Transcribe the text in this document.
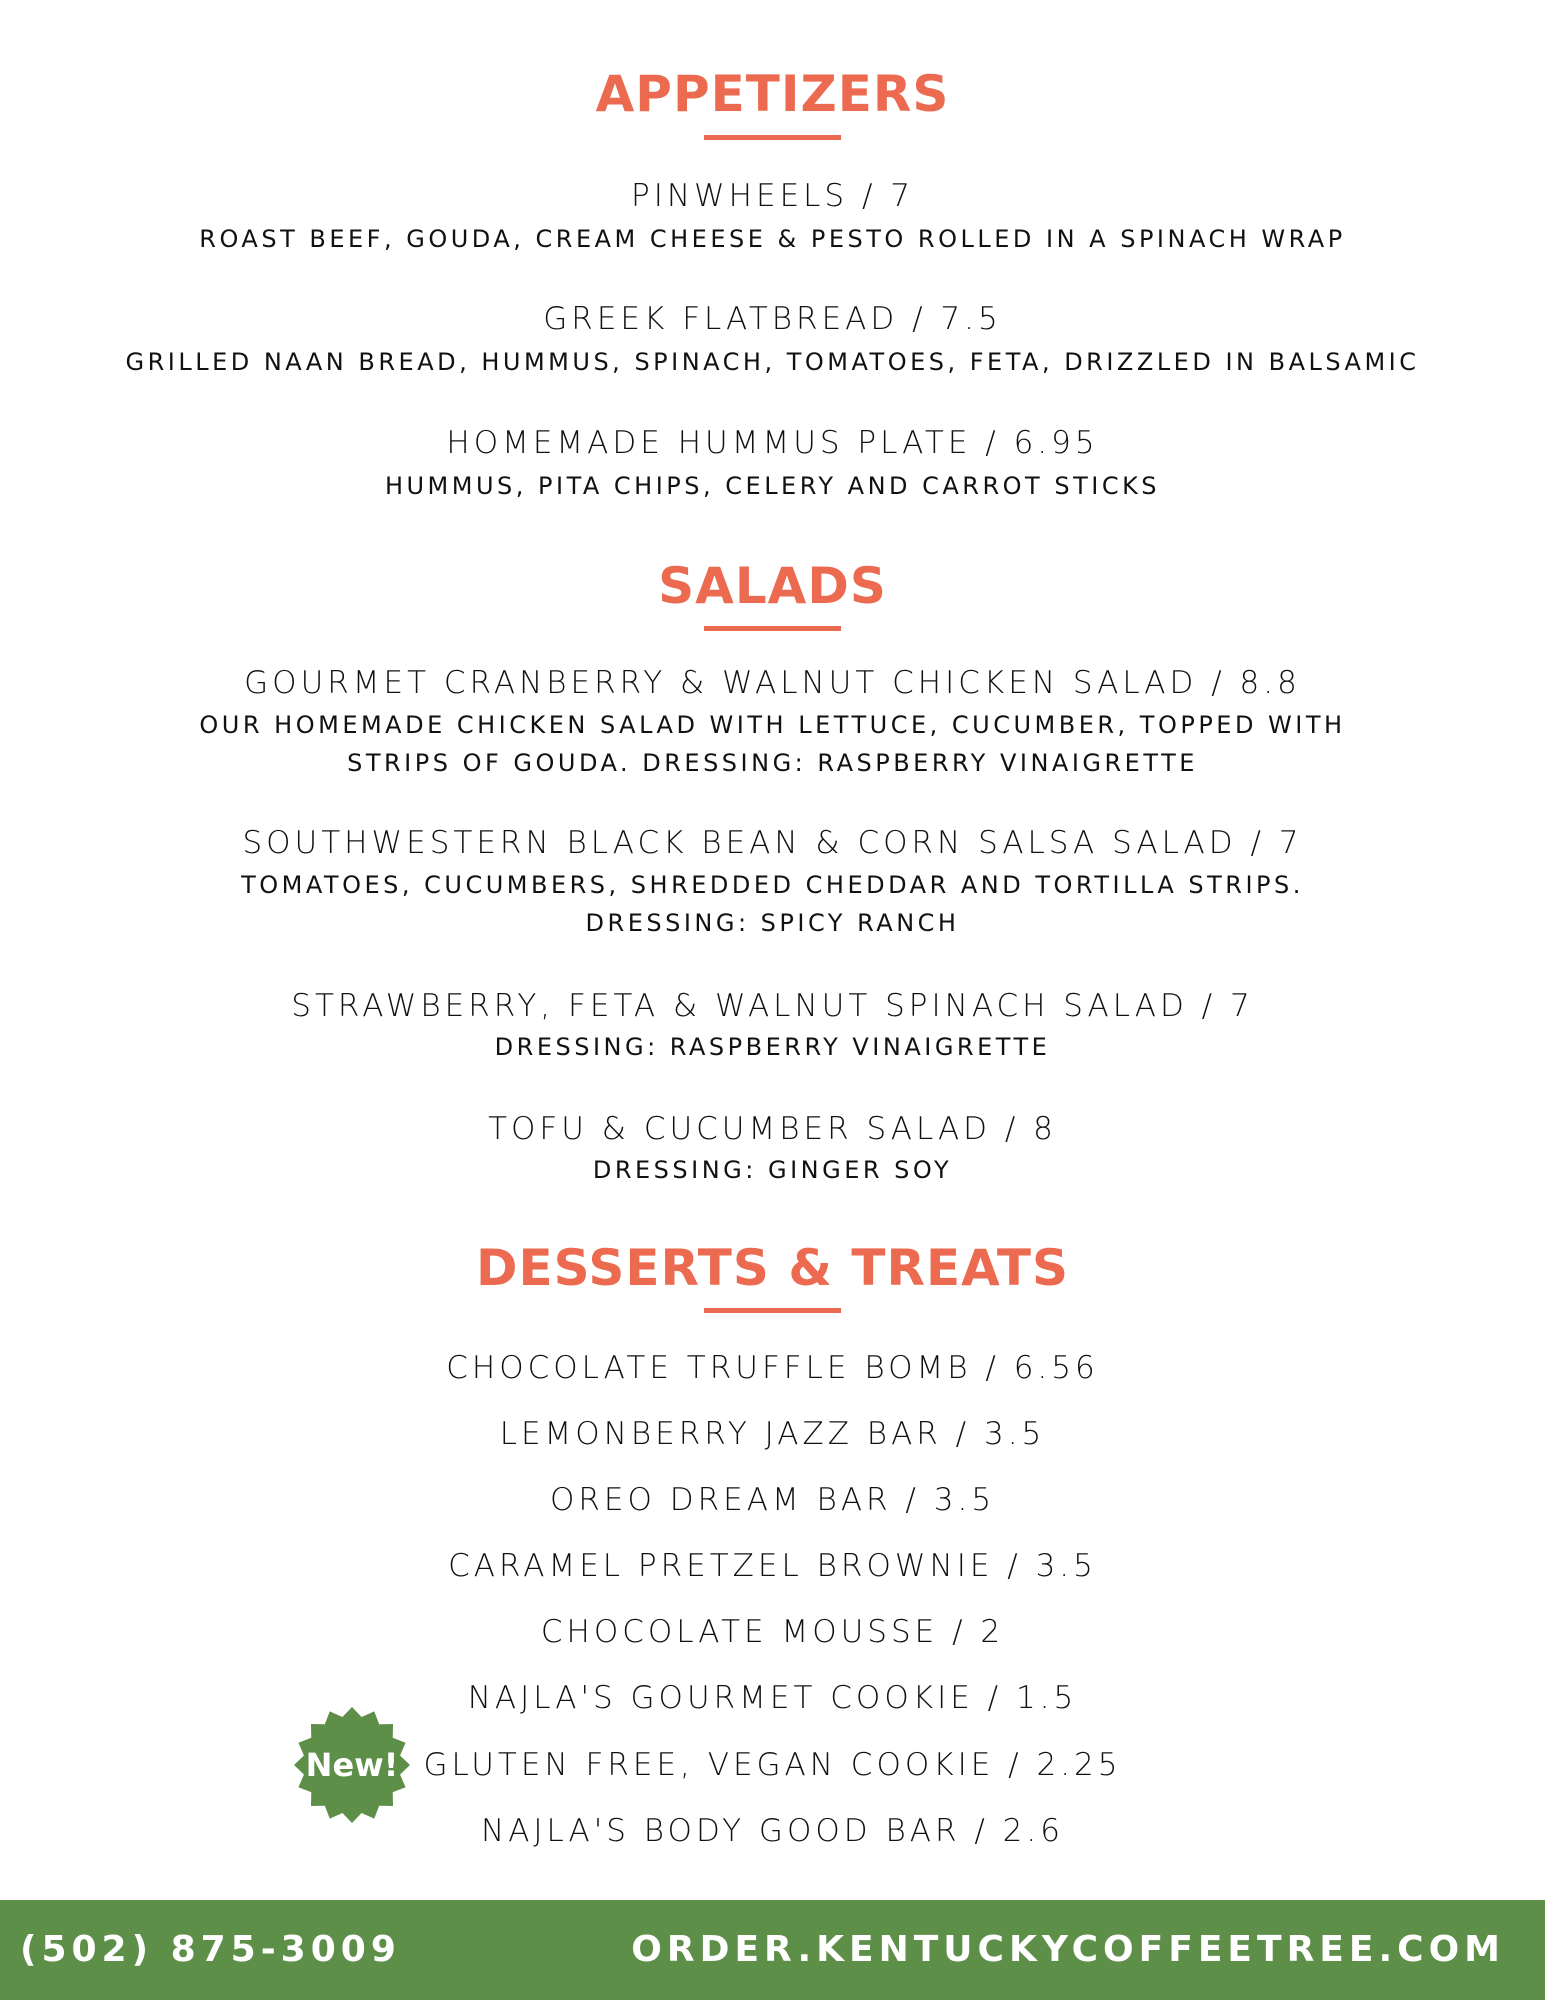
APPETIZERS
PINWHEELS / 7
ROAST BEEF, GOUDA, CREAM CHEESE & PESTO ROLLED IN A SPINACH WRAP
GREEK FLATBREAD / 7.5
GRILLED NAAN BREAD, HUMMUS, SPINACH, TOMATOES, FETA, DRIZZLED IN BALSAMIC
HOMEMADE HUMMUS PLATE / 6.95
HUMMUS, PITA CHIPS, CELERY AND CARROT STICKS
SALADS
GOURMET CRANBERRY & WALNUT CHICKEN SALAD / 8.8
OUR HOMEMADE CHICKEN SALAD WITH LETTUCE, CUCUMBER, TOPPED WITH
STRIPS OF GOUDA. DRESSING: RASPBERRY VINAIGRETTE
SOUTHWESTERN BLACK BEAN & CORN SALSA SALAD / 7
TOMATOES, CUCUMBERS, SHREDDED CHEDDAR AND TORTILLA STRIPS.
DRESSING: SPICY RANCH
STRAWBERRY, FETA & WALNUT SPINACH SALAD / 7
DRESSING: RASPBERRY VINAIGRETTE
TOFU & CUCUMBER SALAD / 8
DRESSING: GINGER SOY
DESSERTS & TREATS
CHOCOLATE TRUFFLE BOMB / 6.56
LEMONBERRY JAZZ BAR / 3.5
OREO DREAM BAR / 3.5
CARAMEL PRETZEL BROWNIE / 3.5
CHOCOLATE MOUSSE / 2
NAJLA'S GOURMET COOKIE / 1.5
GLUTEN FREE, VEGAN COOKIE / 2.25
NAJLA'S BODY GOOD BAR / 2.6
New!
(502) 875-3009	ORDER.KENTUCKYCOFFEETREE.COM
